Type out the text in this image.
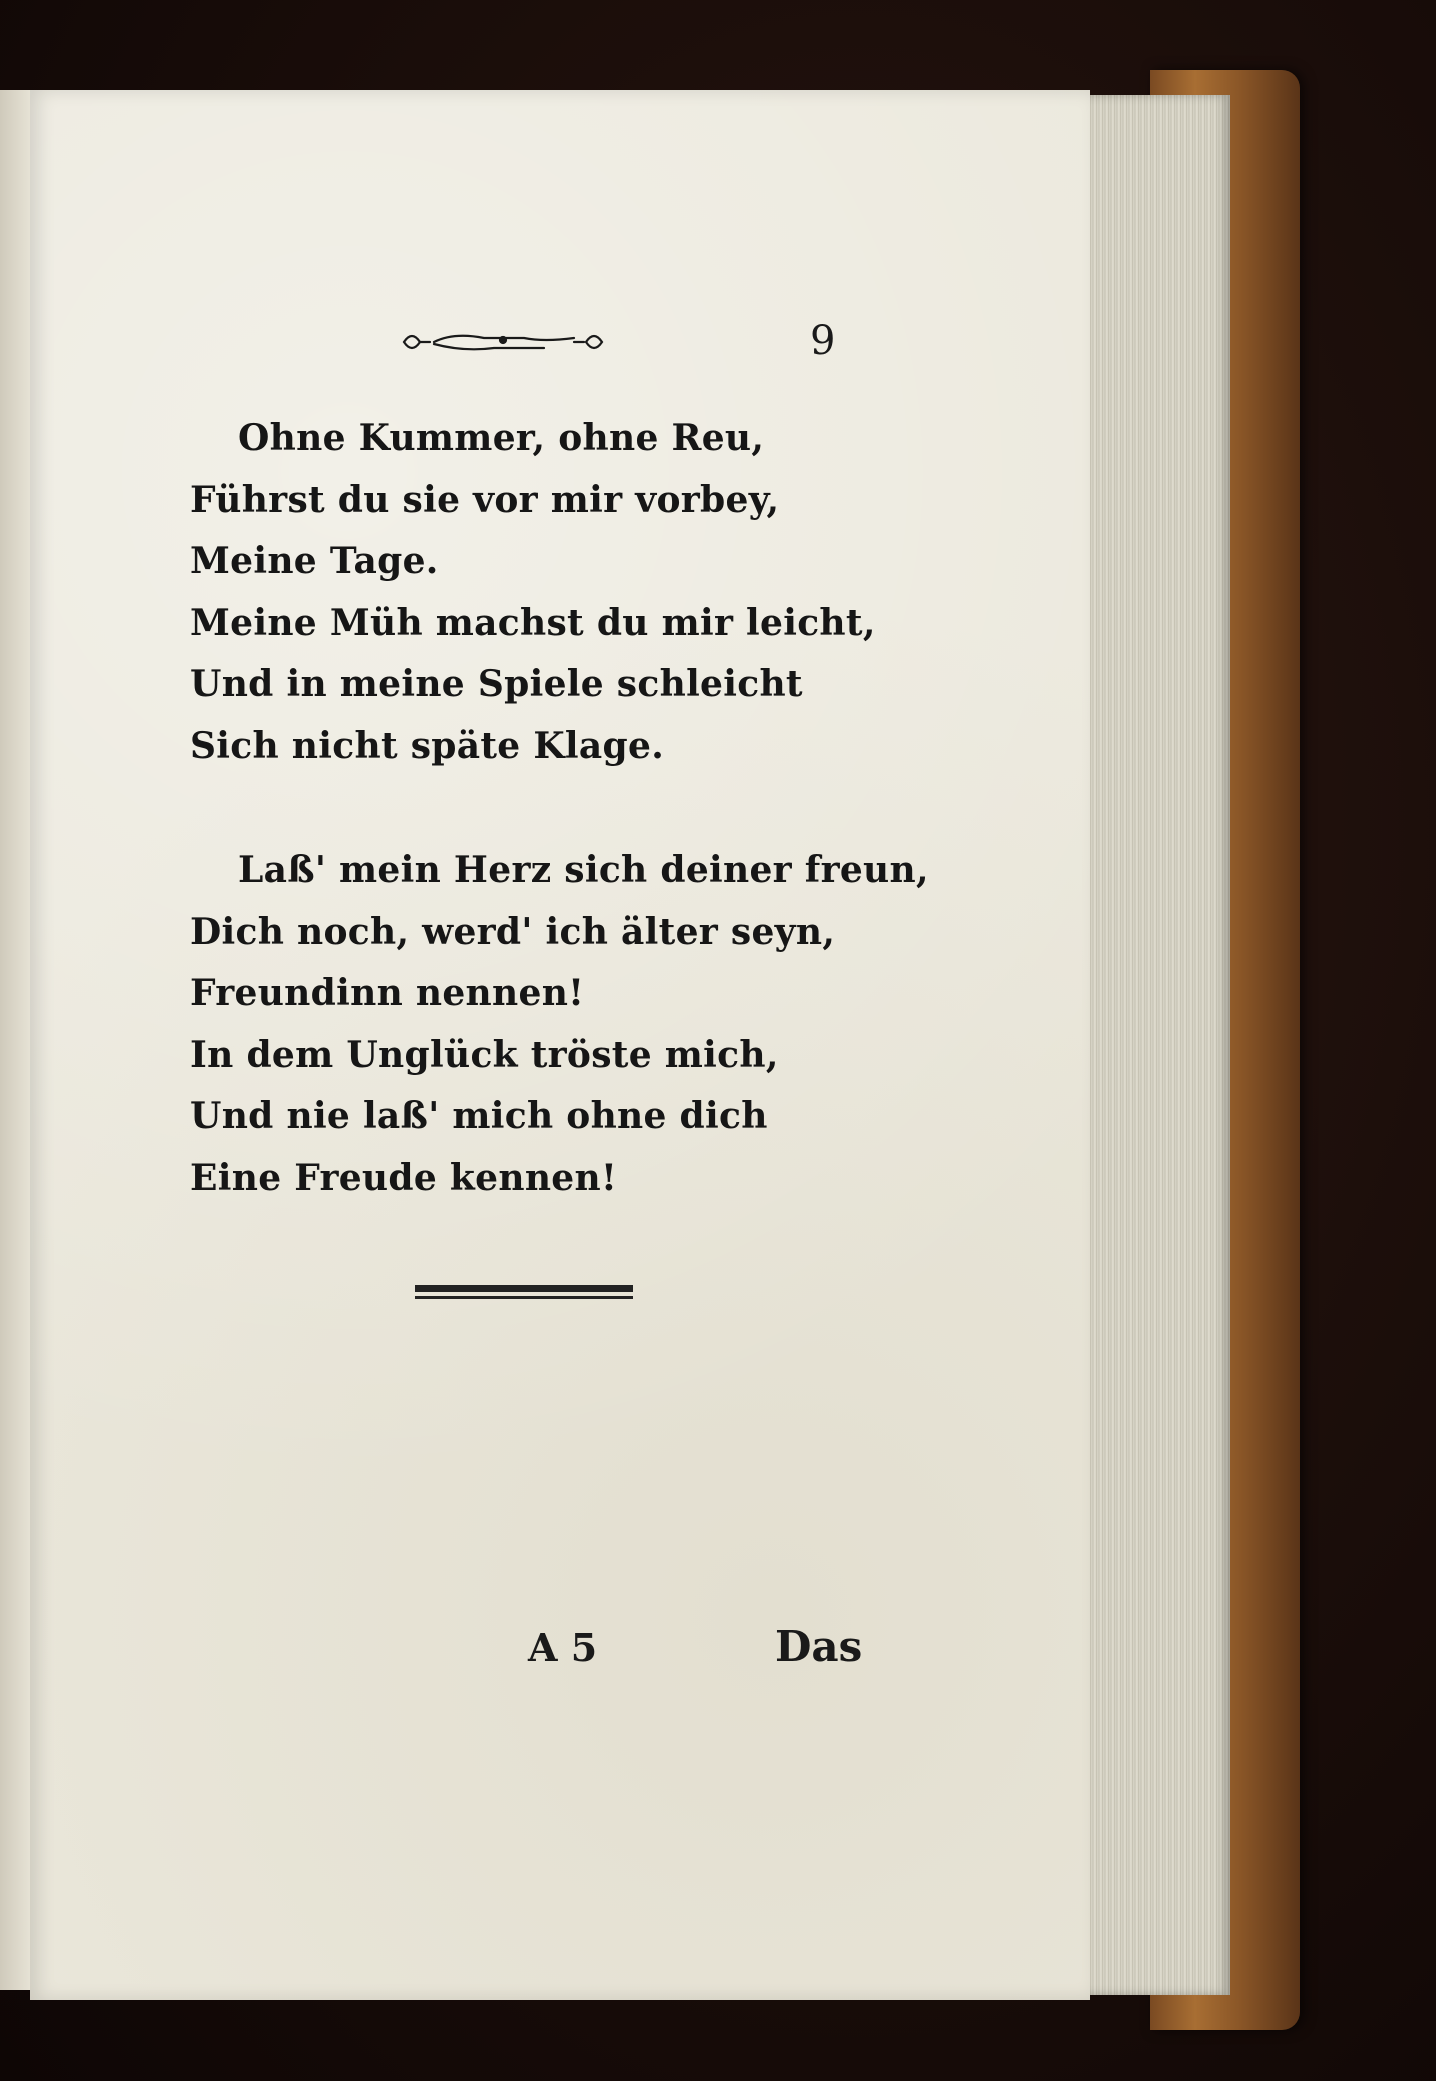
9
Ohne Kummer, ohne Reu,
Führst du sie vor mir vorbey,
Meine Tage.
Meine Müh machst du mir leicht,
Und in meine Spiele schleicht
Sich nicht späte Klage.
Laß' mein Herz sich deiner freun,
Dich noch, werd' ich älter seyn,
Freundinn nennen!
In dem Unglück tröste mich,
Und nie laß' mich ohne dich
Eine Freude kennen!
A 5	Das
